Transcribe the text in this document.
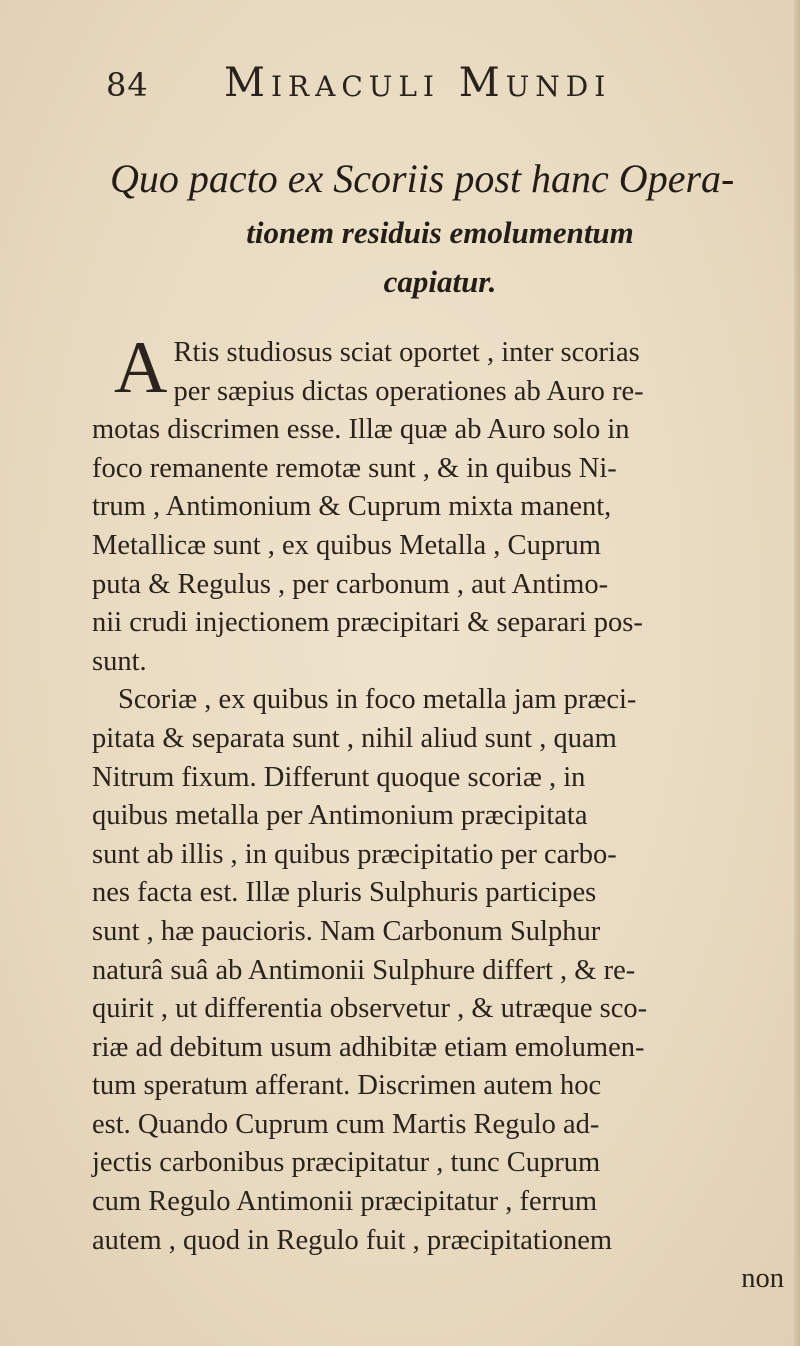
84 Miraculi Mundi
Quo pacto ex Scoriis post hanc Opera-
tionem residuis emolumentum
capiatur.
A Rtis studiosus sciat oportet , inter scorias
per sæpius dictas operationes ab Auro re-
motas discrimen esse. Illæ quæ ab Auro solo in
foco remanente remotæ sunt , & in quibus Ni-
trum , Antimonium & Cuprum mixta manent,
Metallicæ sunt , ex quibus Metalla , Cuprum
puta & Regulus , per carbonum , aut Antimo-
nii crudi injectionem præcipitari & separari pos-
sunt.
Scoriæ , ex quibus in foco metalla jam præci-
pitata & separata sunt , nihil aliud sunt , quam
Nitrum fixum. Differunt quoque scoriæ , in
quibus metalla per Antimonium præcipitata
sunt ab illis , in quibus præcipitatio per carbo-
nes facta est. Illæ pluris Sulphuris participes
sunt , hæ paucioris. Nam Carbonum Sulphur
naturâ suâ ab Antimonii Sulphure differt , & re-
quirit , ut differentia observetur , & utræque sco-
riæ ad debitum usum adhibitæ etiam emolumen-
tum speratum afferant. Discrimen autem hoc
est. Quando Cuprum cum Martis Regulo ad-
jectis carbonibus præcipitatur , tunc Cuprum
cum Regulo Antimonii præcipitatur , ferrum
autem , quod in Regulo fuit , præcipitationem
non
